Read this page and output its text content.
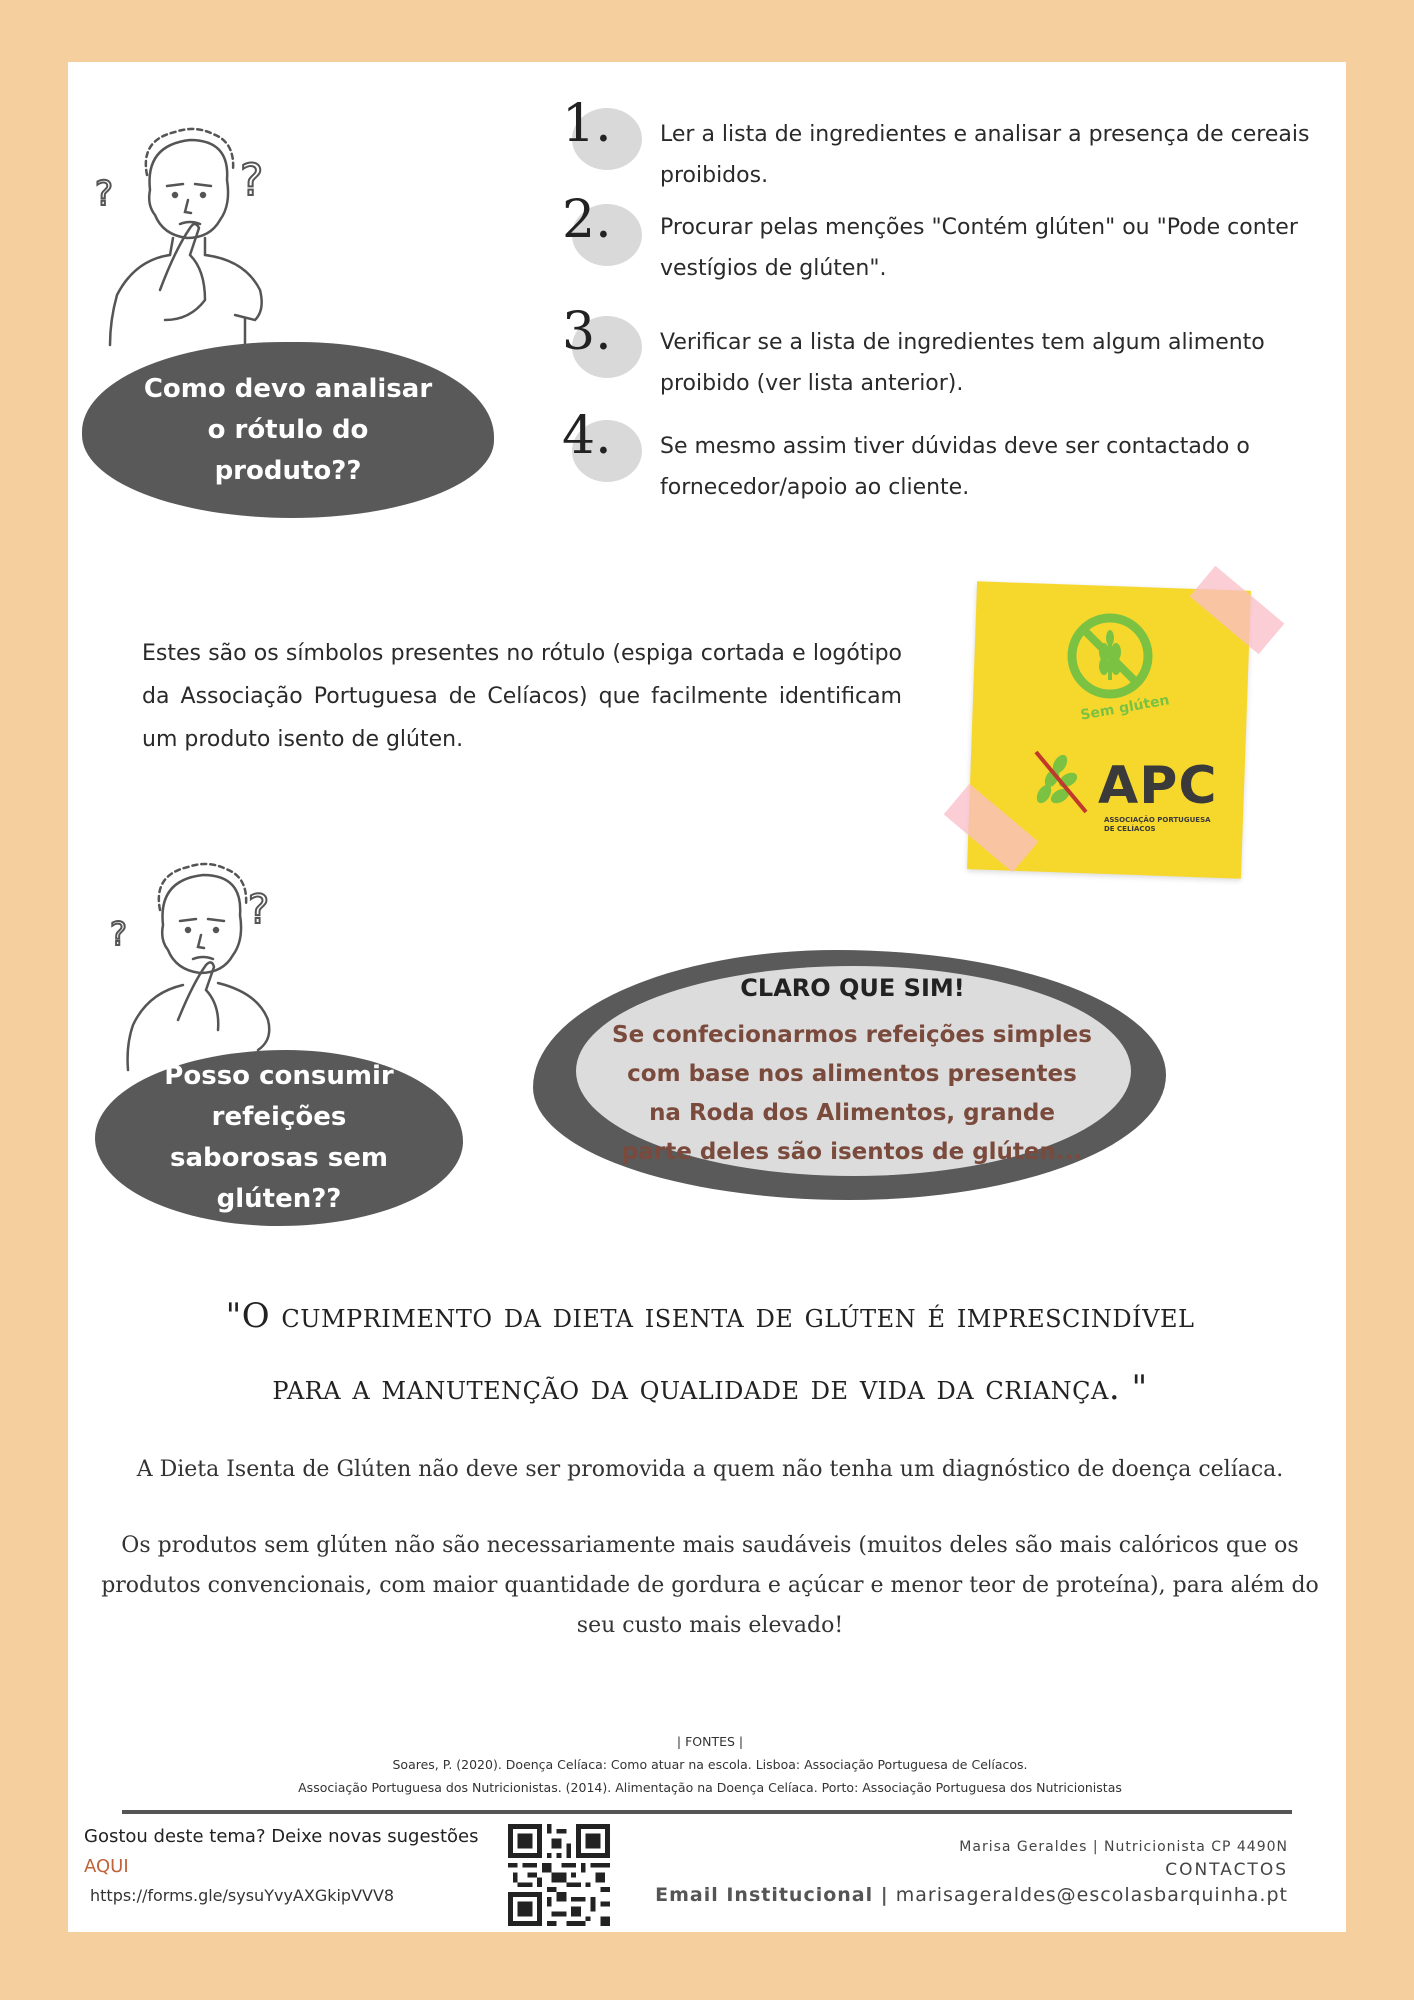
?	?
Como devo analisar o rótulo do produto??
1. Ler a lista de ingredientes e analisar a presença de cereais proibidos.
2. Procurar pelas menções "Contém glúten" ou "Pode conter vestígios de glúten".
3. Verificar se a lista de ingredientes tem algum alimento proibido (ver lista anterior).
4. Se mesmo assim tiver dúvidas deve ser contactado o fornecedor/apoio ao cliente.
Estes são os símbolos presentes no rótulo (espiga cortada e logótipo da Associação Portuguesa de Celíacos) que facilmente identificam um produto isento de glúten.
Sem glúten
APC
ASSOCIAÇÃO PORTUGUESA
DE CELÍACOS
?
?
Posso consumir refeições saborosas sem glúten??
CLARO QUE SIM!
Se confecionarmos refeições simples com base nos alimentos presentes na Roda dos Alimentos, grande parte deles são isentos de glúten...
"O cumprimento da dieta isenta de glúten é imprescindível para a manutenção da qualidade de vida da criança. "
A Dieta Isenta de Glúten não deve ser promovida a quem não tenha um diagnóstico de doença celíaca.
Os produtos sem glúten não são necessariamente mais saudáveis (muitos deles são mais calóricos que os produtos convencionais, com maior quantidade de gordura e açúcar e menor teor de proteína), para além do seu custo mais elevado!
| FONTES |
Soares, P. (2020). Doença Celíaca: Como atuar na escola. Lisboa: Associação Portuguesa de Celíacos.
Associação Portuguesa dos Nutricionistas. (2014). Alimentação na Doença Celíaca. Porto: Associação Portuguesa dos Nutricionistas
Gostou deste tema? Deixe novas sugestões
AQUI
https://forms.gle/sysuYvyAXGkipVVV8
Marisa Geraldes | Nutricionista CP 4490N
CONTACTOS
Email Institucional | marisageraldes@escolasbarquinha.pt
